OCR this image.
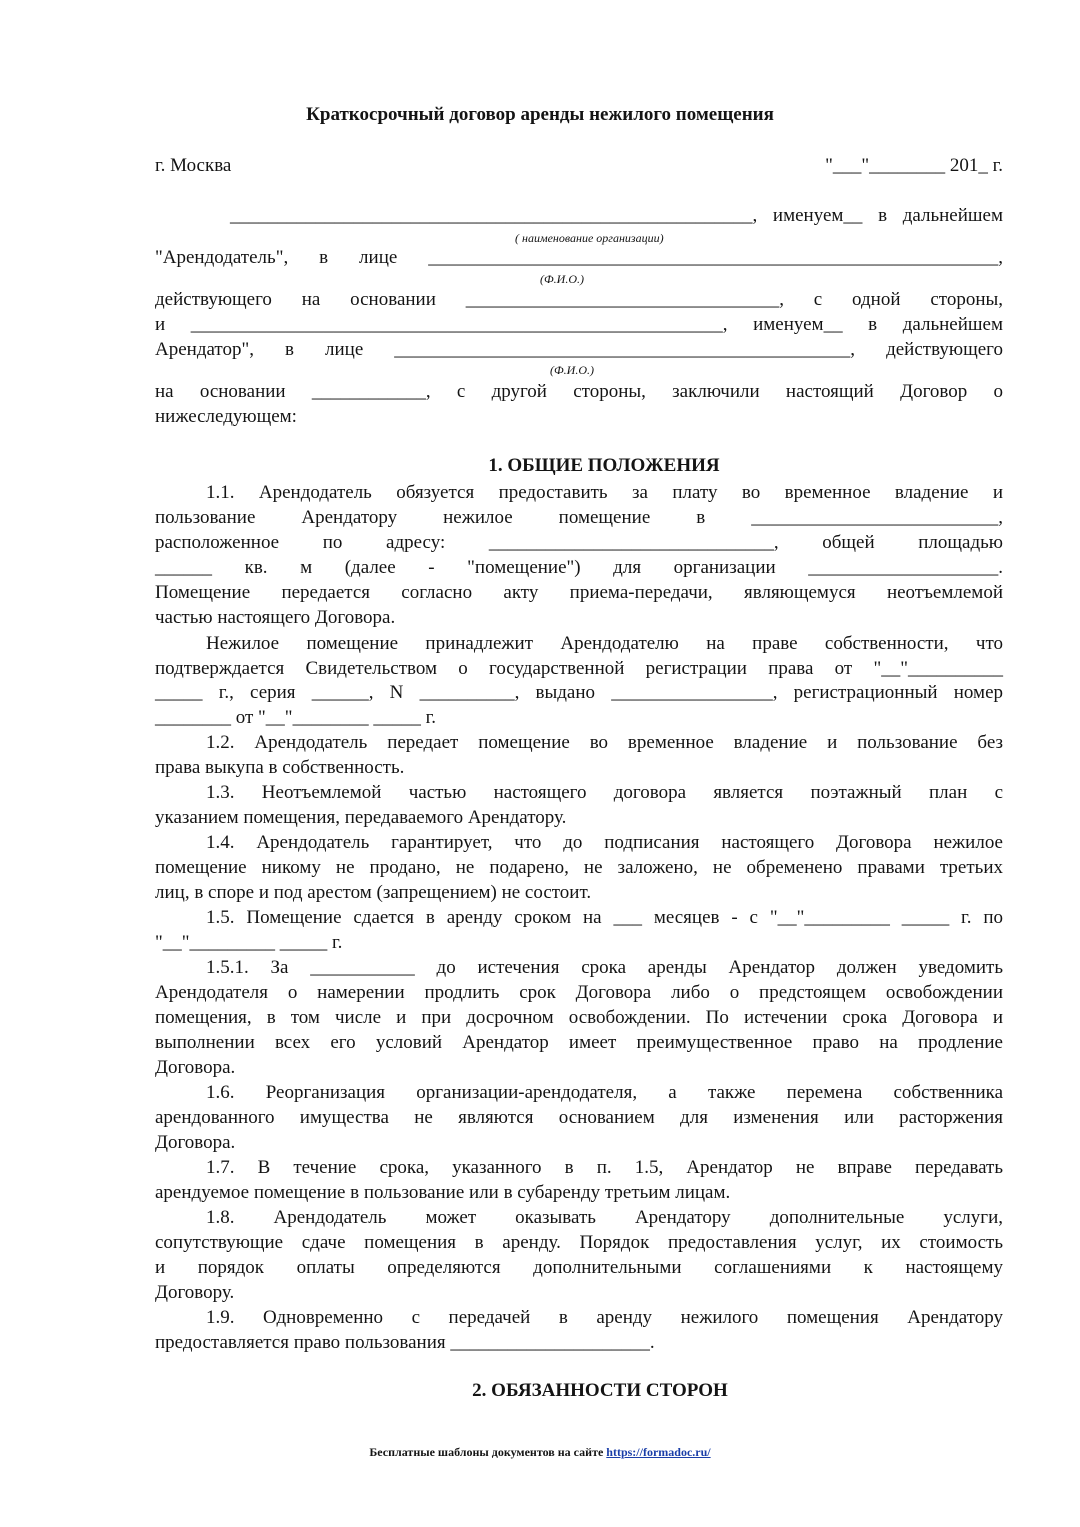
Краткосрочный договор аренды нежилого помещения
г. Москва	"___"________ 201_ г.
_______________________________________________________, именуем__ в дальнейшем
( наименование организации)
"Арендодатель", в лице ____________________________________________________________,
(Ф.И.О.)
действующего на основании _________________________________, с одной стороны,
и ________________________________________________________, именуем__ в дальнейшем
Арендатор", в лице ________________________________________________, действующего
(Ф.И.О.)
на основании ____________, с другой стороны, заключили настоящий Договор о
нижеследующем:
1. ОБЩИЕ ПОЛОЖЕНИЯ
1.1. Арендодатель обязуется предоставить за плату во временное владение и
пользование Арендатору нежилое помещение в __________________________,
расположенное по адресу: ______________________________, общей площадью
______ кв. м (далее - "помещение") для организации ____________________.
Помещение передается согласно акту приема-передачи, являющемуся неотъемлемой
частью настоящего Договора.
Нежилое помещение принадлежит Арендодателю на праве собственности, что
подтверждается Свидетельством о государственной регистрации права от "__"__________
_____ г., серия ______, N __________, выдано _________________, регистрационный номер
________ от "__"________ _____ г.
1.2. Арендодатель передает помещение во временное владение и пользование без
права выкупа в собственность.
1.3. Неотъемлемой частью настоящего договора является поэтажный план с
указанием помещения, передаваемого Арендатору.
1.4. Арендодатель гарантирует, что до подписания настоящего Договора нежилое
помещение никому не продано, не подарено, не заложено, не обременено правами третьих
лиц, в споре и под арестом (запрещением) не состоит.
1.5. Помещение сдается в аренду сроком на ___ месяцев - с "__"_________ _____ г. по
"__"_________ _____ г.
1.5.1. За ___________ до истечения срока аренды Арендатор должен уведомить
Арендодателя о намерении продлить срок Договора либо о предстоящем освобождении
помещения, в том числе и при досрочном освобождении. По истечении срока Договора и
выполнении всех его условий Арендатор имеет преимущественное право на продление
Договора.
1.6. Реорганизация организации-арендодателя, а также перемена собственника
арендованного имущества не являются основанием для изменения или расторжения
Договора.
1.7. В течение срока, указанного в п. 1.5, Арендатор не вправе передавать
арендуемое помещение в пользование или в субаренду третьим лицам.
1.8. Арендодатель может оказывать Арендатору дополнительные услуги,
сопутствующие сдаче помещения в аренду. Порядок предоставления услуг, их стоимость
и порядок оплаты определяются дополнительными соглашениями к настоящему
Договору.
1.9. Одновременно с передачей в аренду нежилого помещения Арендатору
предоставляется право пользования _____________________.
2. ОБЯЗАННОСТИ СТОРОН
Бесплатные шаблоны документов на сайте https://formadoc.ru/
